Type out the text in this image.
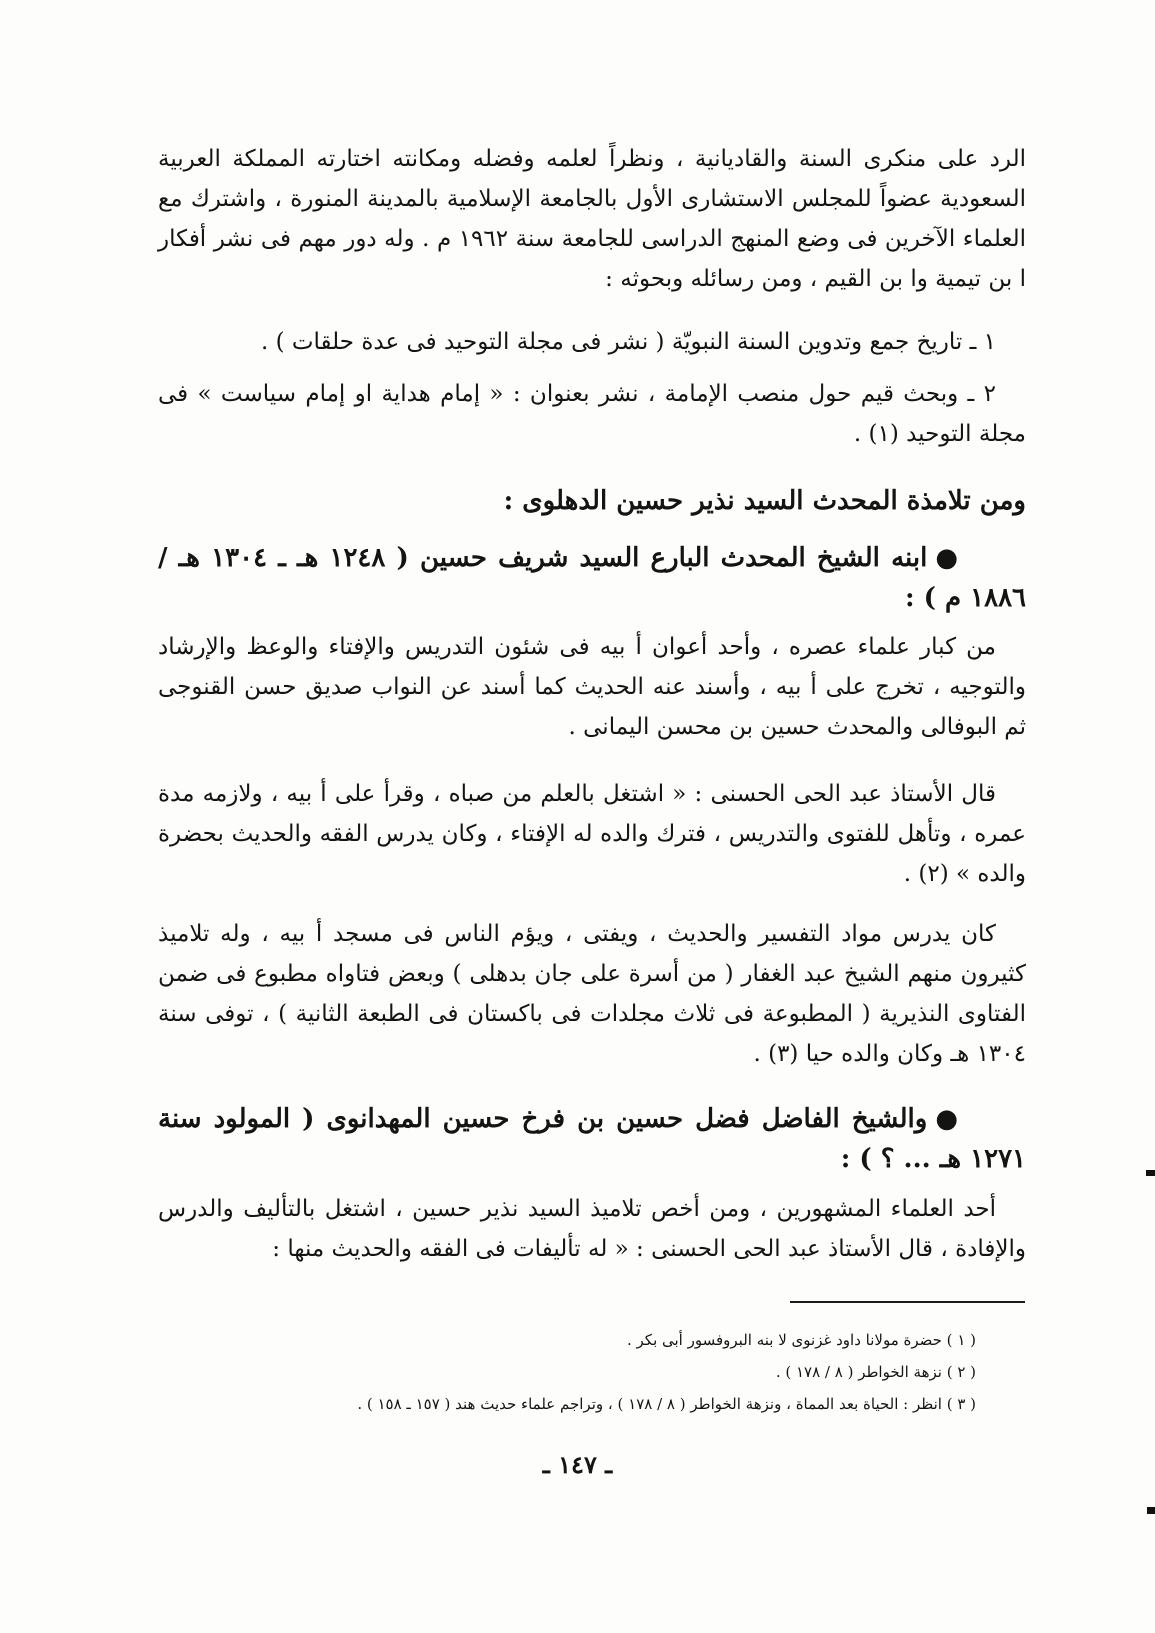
الرد على منكرى السنة والقاديانية ، ونظراً لعلمه وفضله ومكانته اختارته المملكة العربية السعودية عضواً للمجلس الاستشارى الأول بالجامعة الإسلامية بالمدينة المنورة ، واشترك مع العلماء الآخرين فى وضع المنهج الدراسى للجامعة سنة ١٩٦٢ م . وله دور مهم فى نشر أفكار ا بن تيمية وا بن القيم ، ومن رسائله وبحوثه :

١ ـ تاريخ جمع وتدوين السنة النبويّة ( نشر فى مجلة التوحيد فى عدة حلقات ) .

٢ ـ وبحث قيم حول منصب الإمامة ، نشر بعنوان : « إمام هداية او إمام سياست » فى مجلة التوحيد (١) .

ومن تلامذة المحدث السيد نذير حسين الدهلوى :

●ابنه الشيخ المحدث البارع السيد شريف حسين ( ١٢٤٨ هـ ـ ١٣٠٤ هـ / ١٨٨٦ م ) :

من كبار علماء عصره ، وأحد أعوان أ بيه فى شئون التدريس والإفتاء والوعظ والإرشاد والتوجيه ، تخرج على أ بيه ، وأسند عنه الحديث كما أسند عن النواب صديق حسن القنوجى ثم البوفالى والمحدث حسين بن محسن اليمانى .

قال الأستاذ عبد الحى الحسنى : « اشتغل بالعلم من صباه ، وقرأ على أ بيه ، ولازمه مدة عمره ، وتأهل للفتوى والتدريس ، فترك والده له الإفتاء ، وكان يدرس الفقه والحديث بحضرة والده » (٢) .

كان يدرس مواد التفسير والحديث ، ويفتى ، ويؤم الناس فى مسجد أ بيه ، وله تلاميذ كثيرون منهم الشيخ عبد الغفار ( من أسرة على جان بدهلى ) وبعض فتاواه مطبوع فى ضمن الفتاوى النذيرية ( المطبوعة فى ثلاث مجلدات فى باكستان فى الطبعة الثانية ) ، توفى سنة ١٣٠٤ هـ وكان والده حيا (٣) .

●والشيخ الفاضل فضل حسين بن فرخ حسين المهدانوى ( المولود سنة ١٢٧١ هـ ... ؟ ) :

أحد العلماء المشهورين ، ومن أخص تلاميذ السيد نذير حسين ، اشتغل بالتأليف والدرس والإفادة ، قال الأستاذ عبد الحى الحسنى : « له تأليفات فى الفقه والحديث منها :

( ١ ) حضرة مولانا داود غزنوى لا بنه البروفسور أبى بكر .

( ٢ ) نزهة الخواطر ( ٨ / ١٧٨ ) .

( ٣ ) انظر : الحياة بعد المماة ، ونزهة الخواطر ( ٨ / ١٧٨ ) ، وتراجم علماء حديث هند ( ١٥٧ ـ ١٥٨ ) .

ـ ١٤٧ ـ
